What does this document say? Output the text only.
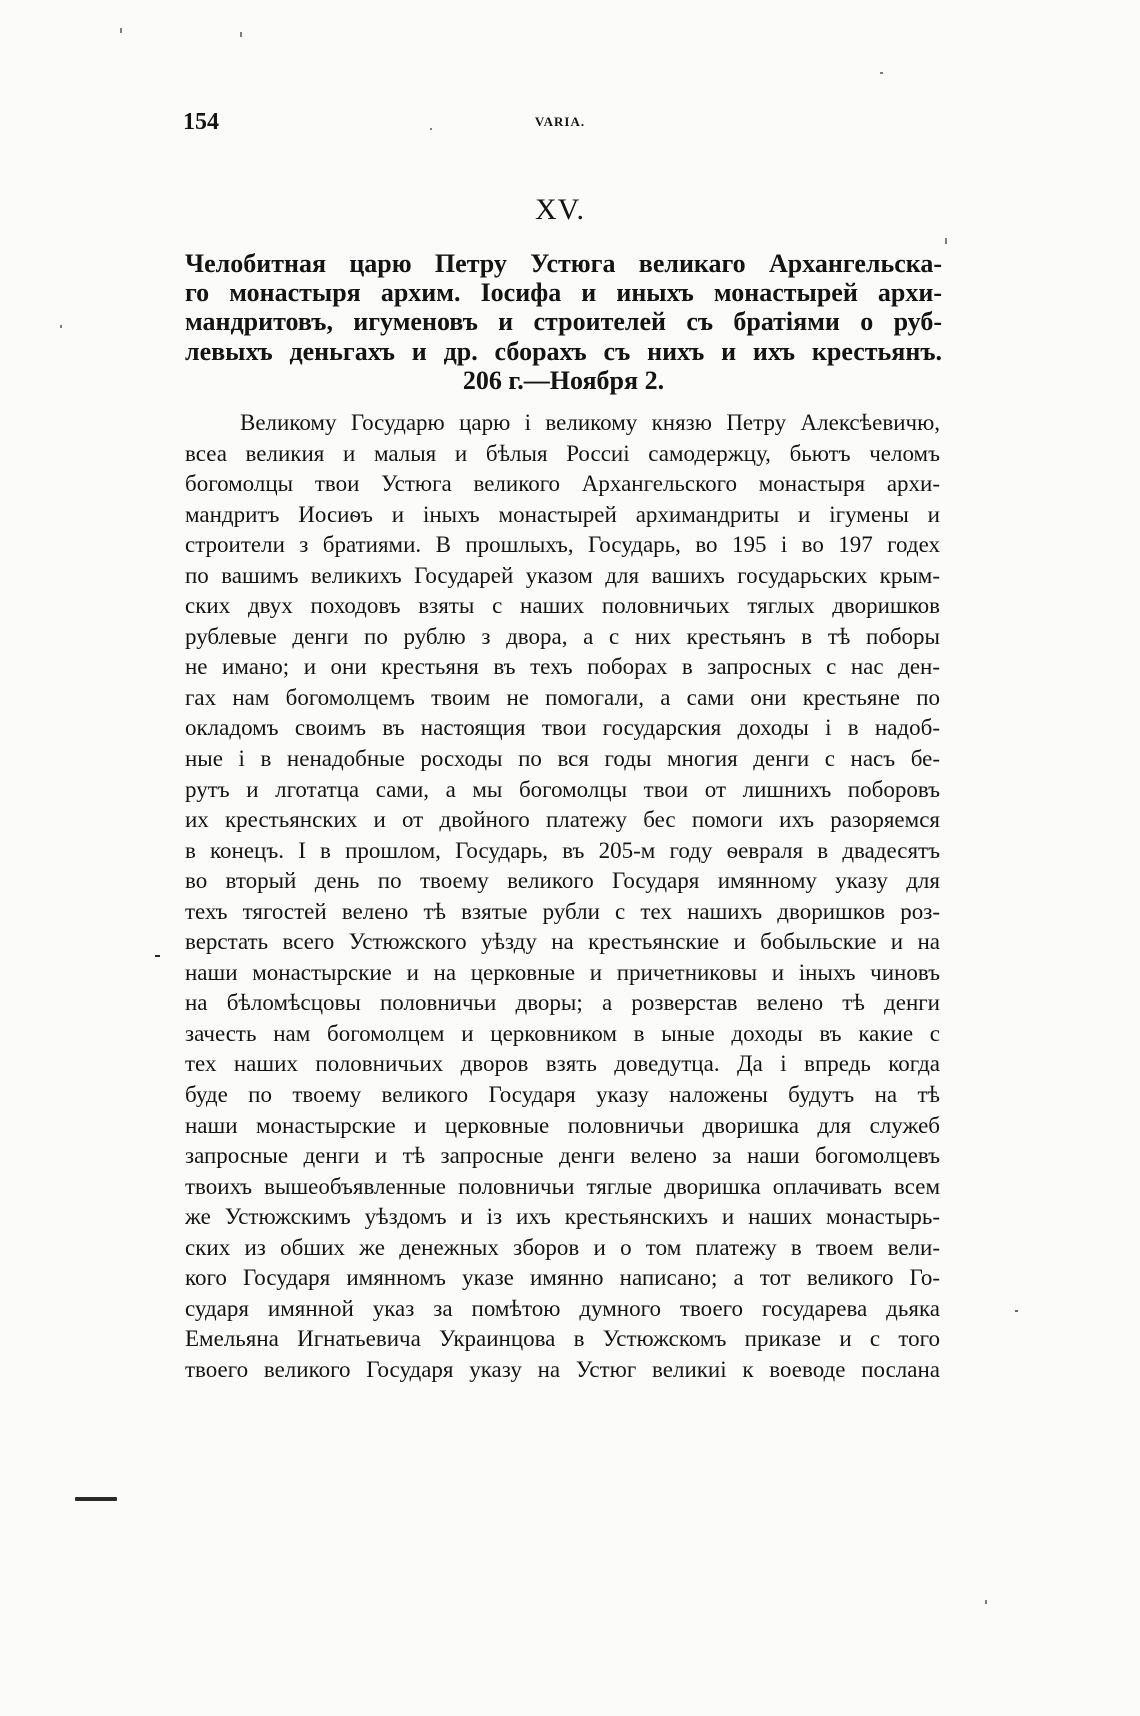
154	VARIA.
XV.
Челобитная царю Петру Устюга великаго Архангельска-
го монастыря архим. Іосифа и иныхъ монастырей архи-
мандритовъ, игуменовъ и строителей съ братіями о руб-
левыхъ деньгахъ и др. сборахъ съ нихъ и ихъ крестьянъ.
206 г.—Ноября 2.
Великому Государю царю і великому князю Петру Алексѣевичю,
всеа великия и малыя и бѣлыя Россиі самодержцу, бьютъ челомъ
богомолцы твои Устюга великого Архангельского монастыря архи-
мандритъ Иосиѳъ и іныхъ монастырей архимандриты и ігумены и
строители з братиями. В прошлыхъ, Государь, во 195 і во 197 годех
по вашимъ великихъ Государей указом для вашихъ государьских крым-
ских двух походовъ взяты с наших половничьих тяглых дворишков
рублевые денги по рублю з двора, а с них крестьянъ в тѣ поборы
не имано; и они крестьяня въ техъ поборах в запросных с нас ден-
гах нам богомолцемъ твоим не помогали, а сами они крестьяне по
окладомъ своимъ въ настоящия твои государския доходы і в надоб-
ные і в ненадобные росходы по вся годы многия денги с насъ бе-
рутъ и лготатца сами, а мы богомолцы твои от лишнихъ поборовъ
их крестьянских и от двойного платежу бес помоги ихъ разоряемся
в конецъ. І в прошлом, Государь, въ 205-м году ѳевраля в двадесятъ
во вторый день по твоему великого Государя имянному указу для
техъ тягостей велено тѣ взятые рубли с тех нашихъ дворишков роз-
верстать всего Устюжского уѣзду на крестьянские и бобыльские и на
наши монастырские и на церковные и причетниковы и іныхъ чиновъ
на бѣломѣсцовы половничьи дворы; а розверстав велено тѣ денги
зачесть нам богомолцем и церковником в ыные доходы въ какие с
тех наших половничьих дворов взять доведутца. Да і впредь когда
буде по твоему великого Государя указу наложены будутъ на тѣ
наши монастырские и церковные половничьи дворишка для служеб
запросные денги и тѣ запросные денги велено за наши богомолцевъ
твоихъ вышеобъявленные половничьи тяглые дворишка оплачивать всем
же Устюжскимъ уѣздомъ и із ихъ крестьянскихъ и наших монастырь-
ских из обших же денежных зборов и о том платежу в твоем вели-
кого Государя имянномъ указе имянно написано; а тот великого Го-
сударя имянной указ за помѣтою думного твоего государева дьяка
Емельяна Игнатьевича Украинцова в Устюжскомъ приказе и с того
твоего великого Государя указу на Устюг великиі к воеводе послана
